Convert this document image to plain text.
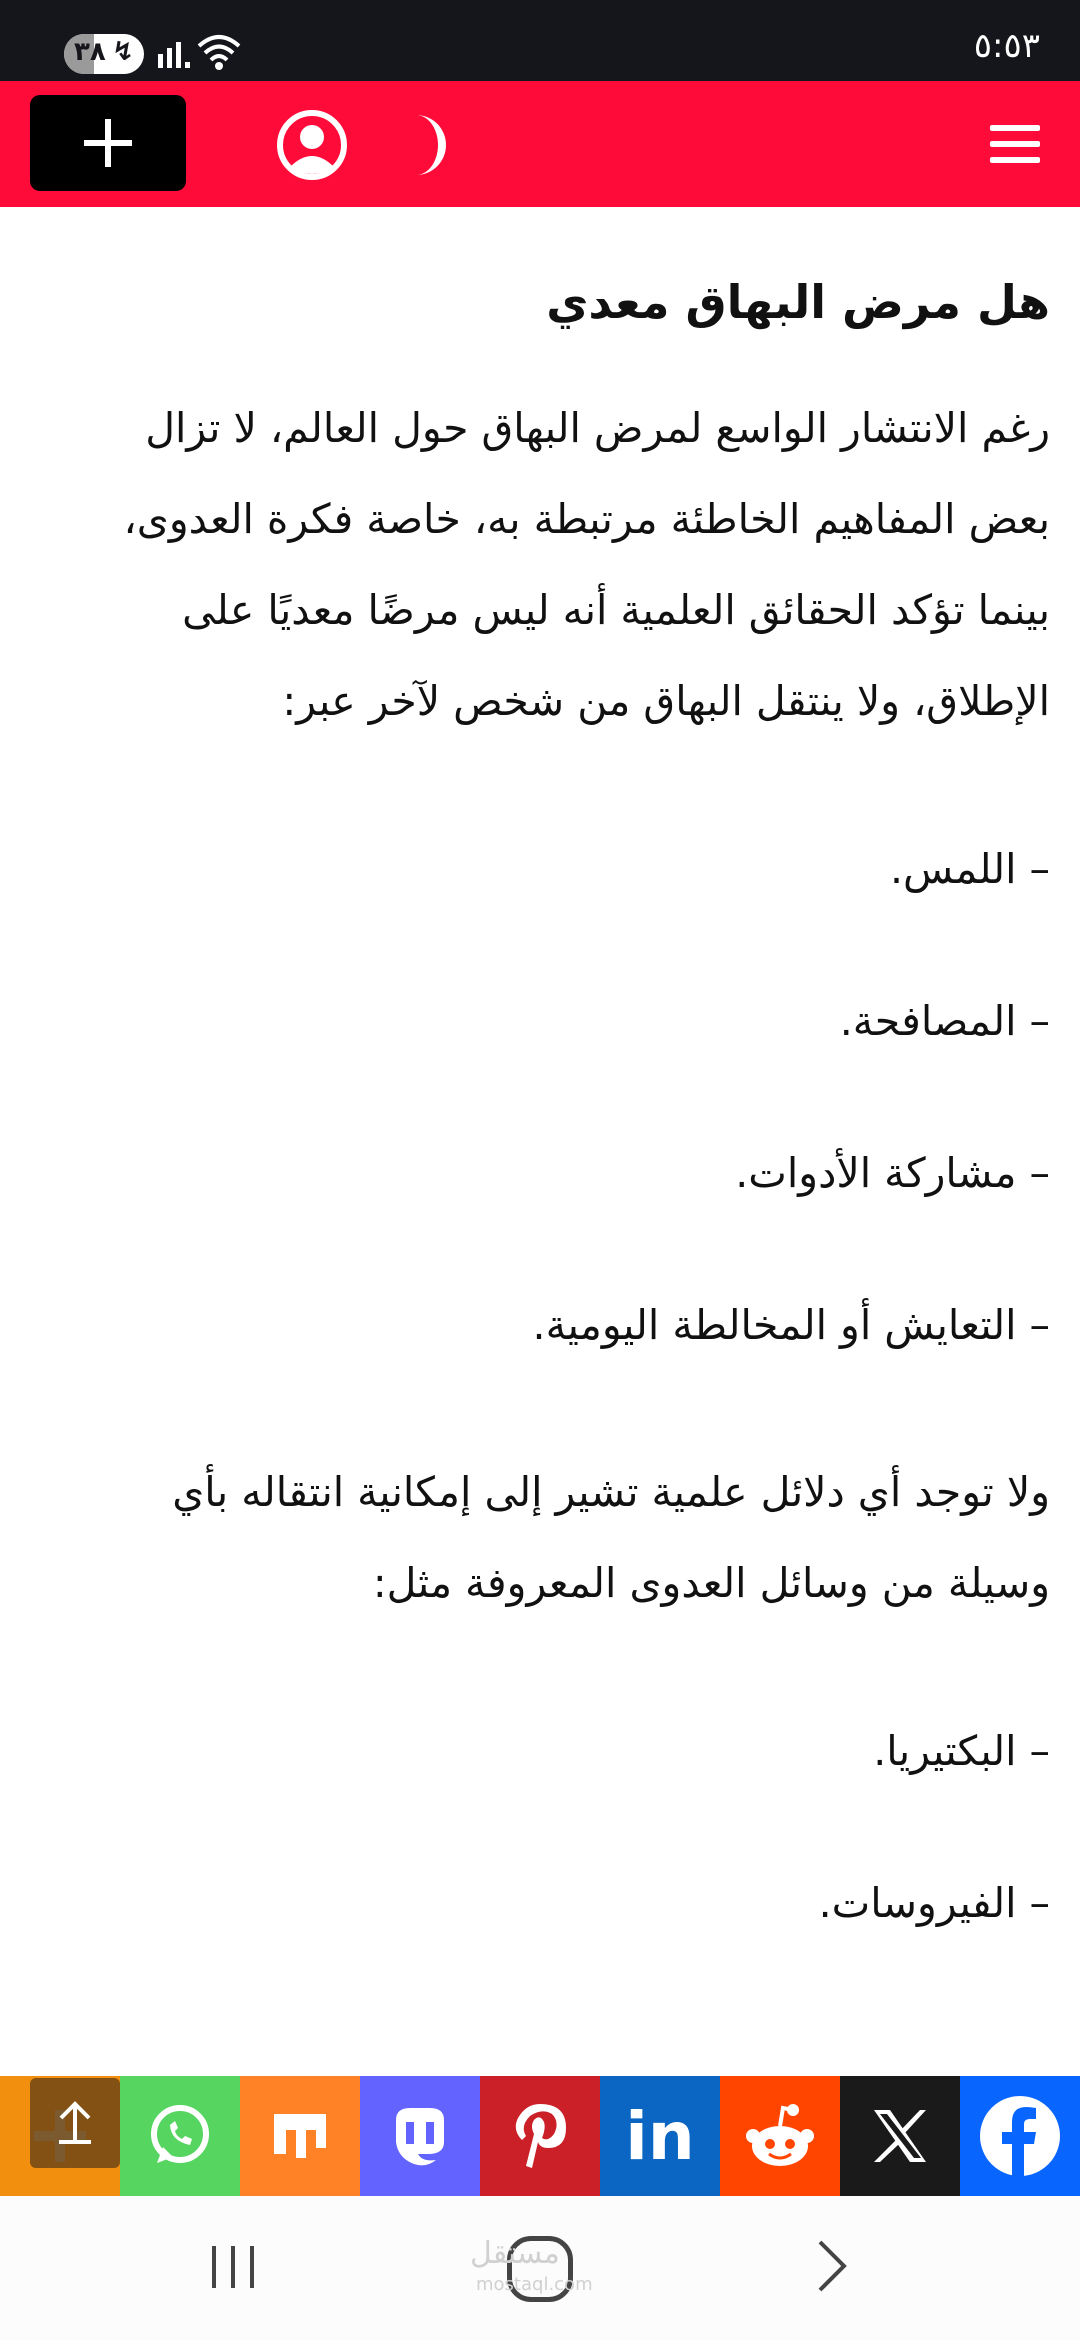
٣٨ ↯	٥:٥٣
هل مرض البهاق معدي

رغم الانتشار الواسع لمرض البهاق حول العالم، لا تزال بعض المفاهيم الخاطئة مرتبطة به، خاصة فكرة العدوى، بينما تؤكد الحقائق العلمية أنه ليس مرضًا معديًا على الإطلاق، ولا ينتقل البهاق من شخص لآخر عبر:

– اللمس.
– المصافحة.
– مشاركة الأدوات.
– التعايش أو المخالطة اليومية.

ولا توجد أي دلائل علمية تشير إلى إمكانية انتقاله بأي وسيلة من وسائل العدوى المعروفة مثل:

– البكتيريا.
– الفيروسات.
in
مستقل
mostaql.com
